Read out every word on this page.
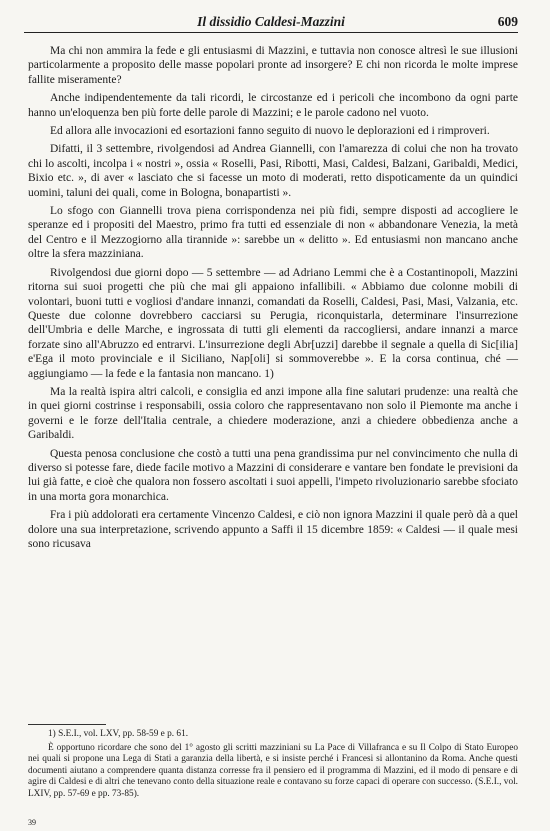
Il dissidio Caldesi-Mazzini	609

Ma chi non ammira la fede e gli entusiasmi di Mazzini, e tuttavia non conosce altresì le sue illusioni particolarmente a proposito delle masse popolari pronte ad insorgere? E chi non ricorda le molte imprese fallite miseramente?

Anche indipendentemente da tali ricordi, le circostanze ed i pericoli che incombono da ogni parte hanno un'eloquenza ben più forte delle parole di Mazzini; e le parole cadono nel vuoto.

Ed allora alle invocazioni ed esortazioni fanno seguito di nuovo le deplorazioni ed i rimproveri.

Difatti, il 3 settembre, rivolgendosi ad Andrea Giannelli, con l'amarezza di colui che non ha trovato chi lo ascolti, incolpa i « nostri », ossia « Roselli, Pasi, Ribotti, Masi, Caldesi, Balzani, Garibaldi, Medici, Bixio etc. », di aver « lasciato che si facesse un moto di moderati, retto dispoticamente da un quindici uomini, taluni dei quali, come in Bologna, bonapartisti ».

Lo sfogo con Giannelli trova piena corrispondenza nei più fidi, sempre disposti ad accogliere le speranze ed i propositi del Maestro, primo fra tutti ed essenziale di non « abbandonare Venezia, la metà del Centro e il Mezzogiorno alla tirannide »: sarebbe un « delitto ». Ed entusiasmi non mancano anche oltre la sfera mazziniana.

Rivolgendosi due giorni dopo — 5 settembre — ad Adriano Lemmi che è a Costantinopoli, Mazzini ritorna sui suoi progetti che più che mai gli appaiono infallibili. « Abbiamo due colonne mobili di volontari, buoni tutti e vogliosi d'andare innanzi, comandati da Roselli, Caldesi, Pasi, Masi, Valzania, etc. Queste due colonne dovrebbero cacciarsi su Perugia, riconquistarla, determinare l'insurrezione dell'Umbria e delle Marche, e ingrossata di tutti gli elementi da raccogliersi, andare innanzi a marce forzate sino all'Abruzzo ed entrarvi. L'insurrezione degli Abr[uzzi] darebbe il segnale a quella di Sic[ilia] e'Ega il moto provinciale e il Siciliano, Nap[oli] si sommoverebbe ». E la corsa continua, ché — aggiungiamo — la fede e la fantasia non mancano. 1)

Ma la realtà ispira altri calcoli, e consiglia ed anzi impone alla fine salutari prudenze: una realtà che in quei giorni costrinse i responsabili, ossia coloro che rappresentavano non solo il Piemonte ma anche i governi e le forze dell'Italia centrale, a chiedere moderazione, anzi a chiedere obbedienza anche a Garibaldi.

Questa penosa conclusione che costò a tutti una pena grandissima pur nel convincimento che nulla di diverso si potesse fare, diede facile motivo a Mazzini di considerare e vantare ben fondate le previsioni da lui già fatte, e cioè che qualora non fossero ascoltati i suoi appelli, l'impeto rivoluzionario sarebbe sfociato in una morta gora monarchica.

Fra i più addolorati era certamente Vincenzo Caldesi, e ciò non ignora Mazzini il quale però dà a quel dolore una sua interpretazione, scrivendo appunto a Saffi il 15 dicembre 1859: « Caldesi — il quale mesi sono ricusava

1) S.E.I., vol. LXV, pp. 58-59 e p. 61.

È opportuno ricordare che sono del 1° agosto gli scritti mazziniani su La Pace di Villafranca e su Il Colpo di Stato Europeo nei quali si propone una Lega di Stati a garanzia della libertà, e si insiste perché i Francesi si allontanino da Roma. Anche questi documenti aiutano a comprendere quanta distanza corresse fra il pensiero ed il programma di Mazzini, ed il modo di pensare e di agire di Caldesi e di altri che tenevano conto della situazione reale e contavano su forze capaci di operare con successo. (S.E.I., vol. LXIV, pp. 57-69 e pp. 73-85).

39
